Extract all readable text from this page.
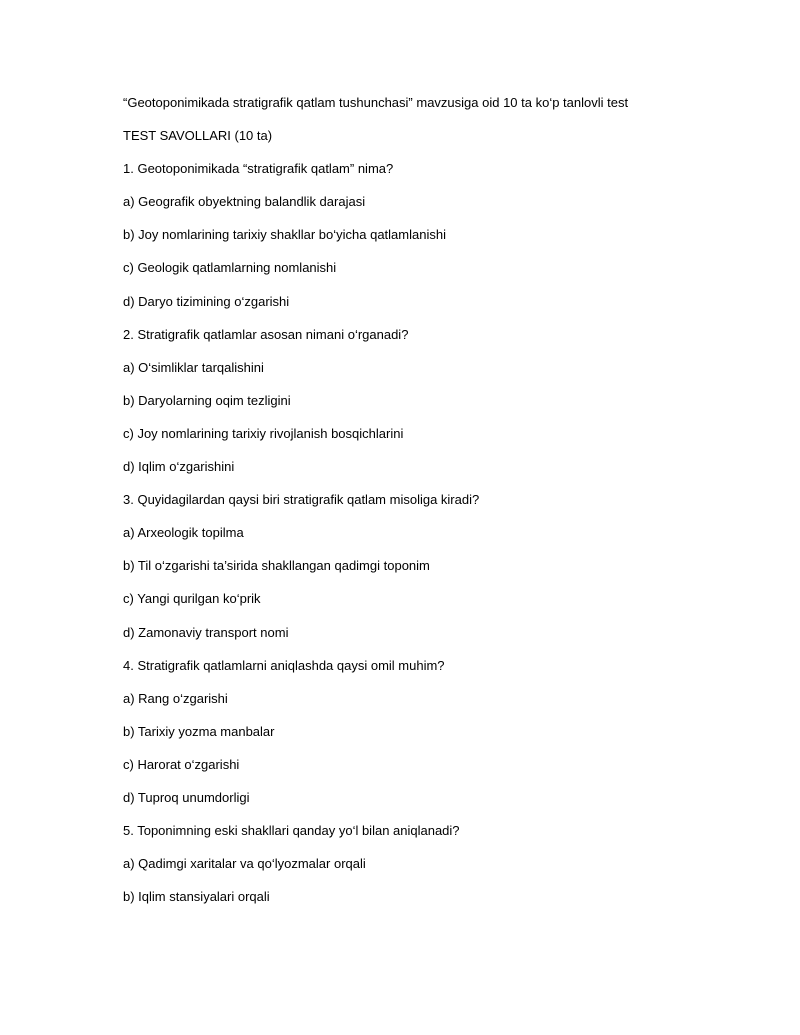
“Geotoponimikada stratigrafik qatlam tushunchasi” mavzusiga oid 10 ta ko‘p tanlovli test
TEST SAVOLLARI (10 ta)
1. Geotoponimikada “stratigrafik qatlam” nima?
a) Geografik obyektning balandlik darajasi
b) Joy nomlarining tarixiy shakllar bo‘yicha qatlamlanishi
c) Geologik qatlamlarning nomlanishi
d) Daryo tizimining o‘zgarishi
2. Stratigrafik qatlamlar asosan nimani o‘rganadi?
a) O‘simliklar tarqalishini
b) Daryolarning oqim tezligini
c) Joy nomlarining tarixiy rivojlanish bosqichlarini
d) Iqlim o‘zgarishini
3. Quyidagilardan qaysi biri stratigrafik qatlam misoliga kiradi?
a) Arxeologik topilma
b) Til o‘zgarishi ta’sirida shakllangan qadimgi toponim
c) Yangi qurilgan ko‘prik
d) Zamonaviy transport nomi
4. Stratigrafik qatlamlarni aniqlashda qaysi omil muhim?
a) Rang o‘zgarishi
b) Tarixiy yozma manbalar
c) Harorat o‘zgarishi
d) Tuproq unumdorligi
5. Toponimning eski shakllari qanday yo‘l bilan aniqlanadi?
a) Qadimgi xaritalar va qo‘lyozmalar orqali
b) Iqlim stansiyalari orqali
